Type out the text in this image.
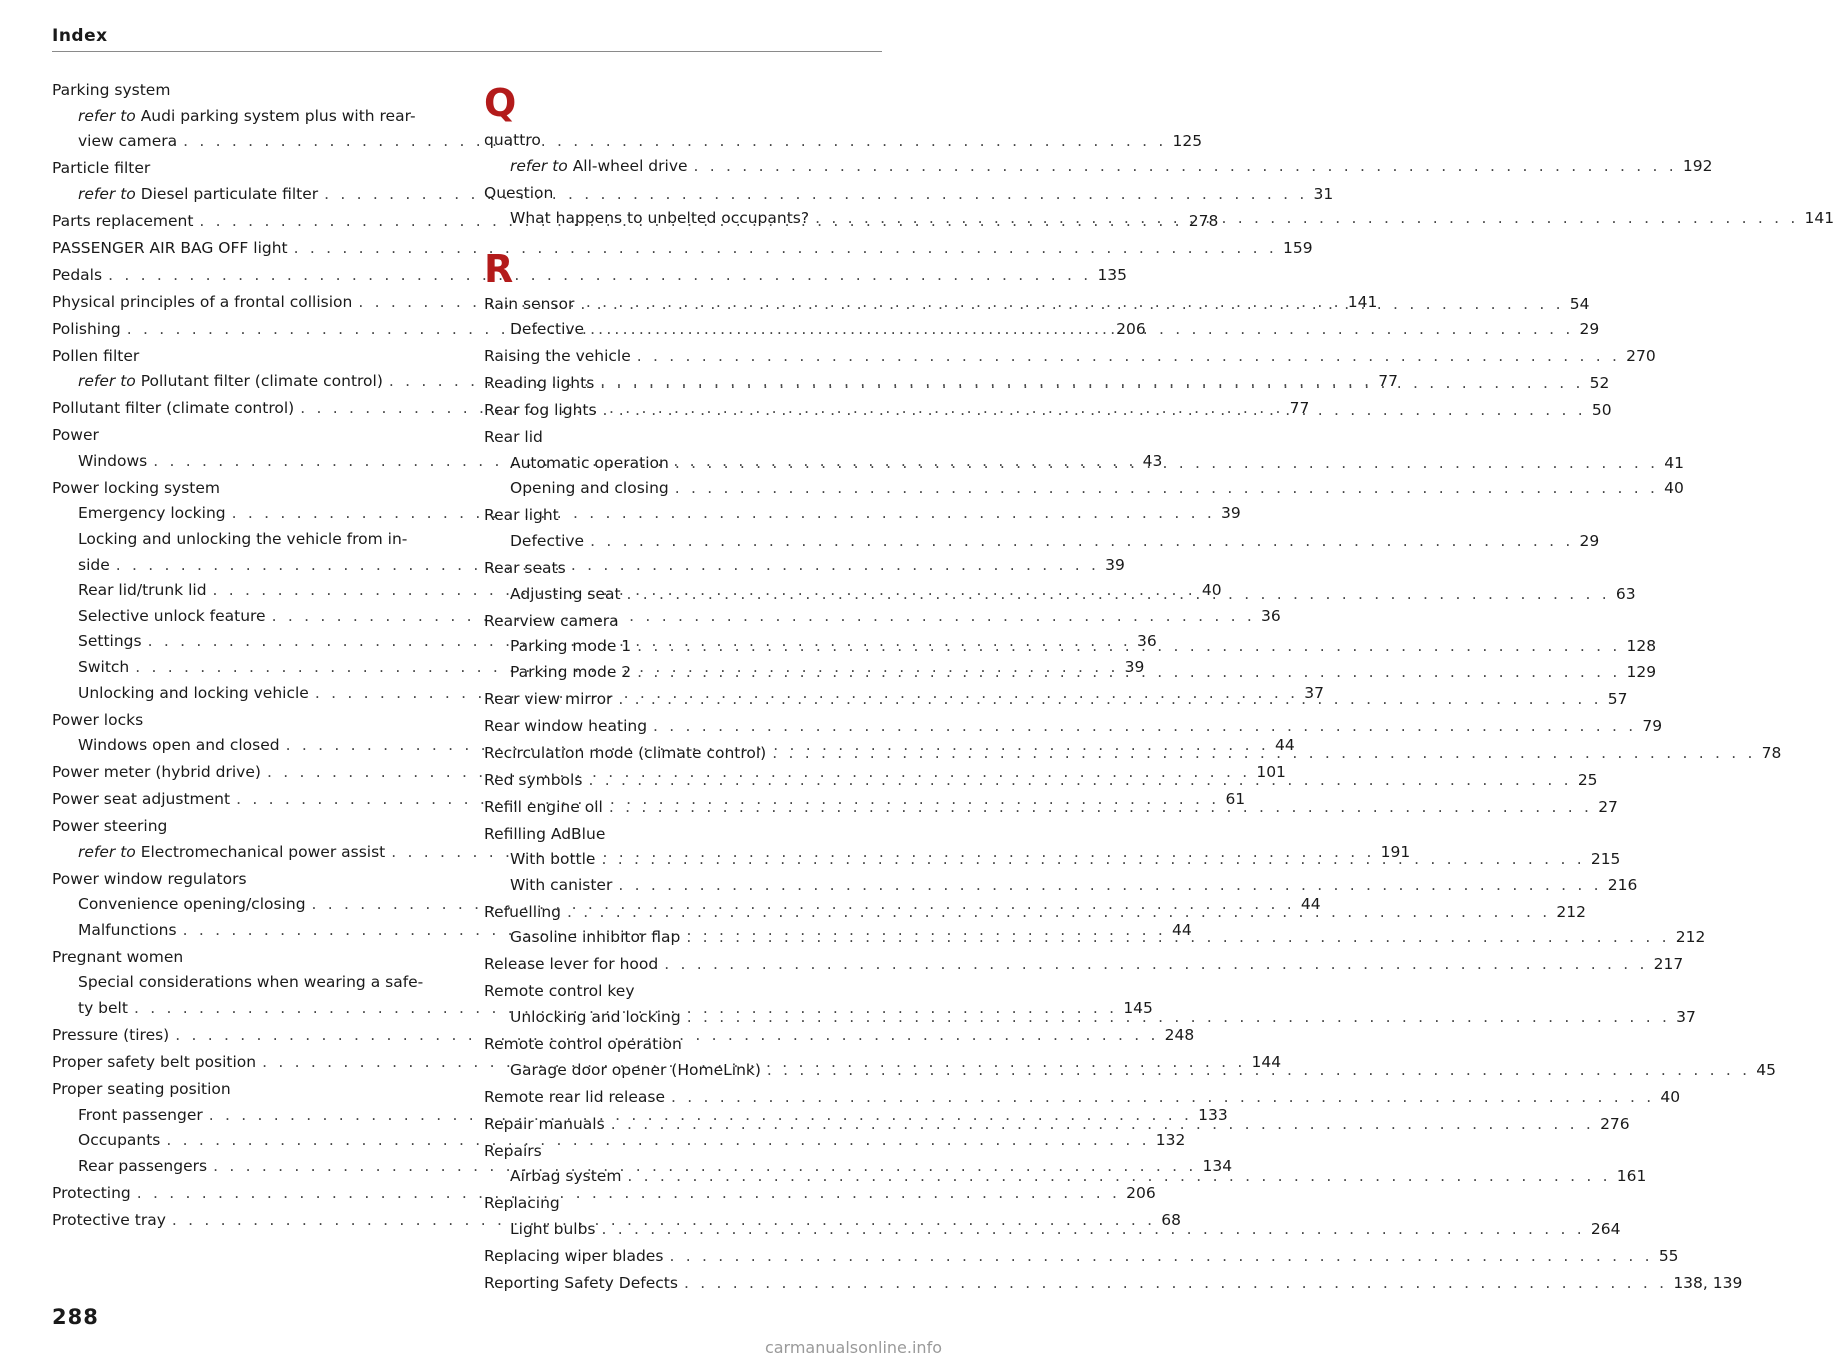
Index
Parking system
refer to Audi parking system plus with rear-
view camera . . .	125
Particle filter
refer to Diesel particulate filter . . .	31
Parts replacement . . .	278
PASSENGER AIR BAG OFF light . . .	159
Pedals . . .	135
Physical principles of a frontal collision . . .	141
Polishing . . .	206
Pollen filter
refer to Pollutant filter (climate control) . . .	77
Pollutant filter (climate control) . . .	77
Power
Windows . . .	43
Power locking system
Emergency locking . . .	39
Locking and unlocking the vehicle from in-
side . . .	39
Rear lid/trunk lid . . .	40
Selective unlock feature . . .	36
Settings . . .	36
Switch . . .	39
Unlocking and locking vehicle . . .	37
Power locks
Windows open and closed . . .	44
Power meter (hybrid drive) . . .	101
Power seat adjustment . . .	61
Power steering
refer to Electromechanical power assist . . .	191
Power window regulators
Convenience opening/closing . . .	44
Malfunctions . . .	44
Pregnant women
Special considerations when wearing a safe-
ty belt . . .	145
Pressure (tires) . . .	248
Proper safety belt position . . .	144
Proper seating position
Front passenger . . .	133
Occupants . . .	132
Rear passengers . . .	134
Protecting . . .	206
Protective tray . . .	68
Q
quattro
refer to All-wheel drive . . .	192
Question
What happens to unbelted occupants? . . .	141
R
Rain sensor . . .	54
Defective . . .	29
Raising the vehicle . . .	270
Reading lights . . .	52
Rear fog lights . . .	50
Rear lid
Automatic operation . . .	41
Opening and closing . . .	40
Rear light
Defective . . .	29
Rear seats
Adjusting seat . . .	63
Rearview camera
Parking mode 1 . . .	128
Parking mode 2 . . .	129
Rear view mirror . . .	57
Rear window heating . . .	79
Recirculation mode (climate control) . . .	78
Red symbols . . .	25
Refill engine oil . . .	27
Refilling AdBlue
With bottle . . .	215
With canister . . .	216
Refuelling . . .	212
Gasoline inhibitor flap . . .	212
Release lever for hood . . .	217
Remote control key
Unlocking and locking . . .	37
Remote control operation
Garage door opener (HomeLink) . . .	45
Remote rear lid release . . .	40
Repair manuals . . .	276
Repairs
Airbag system . . .	161
Replacing
Light bulbs . . .	264
Replacing wiper blades . . .	55
Reporting Safety Defects . . .	138, 139
288
carmanualsonline.info
